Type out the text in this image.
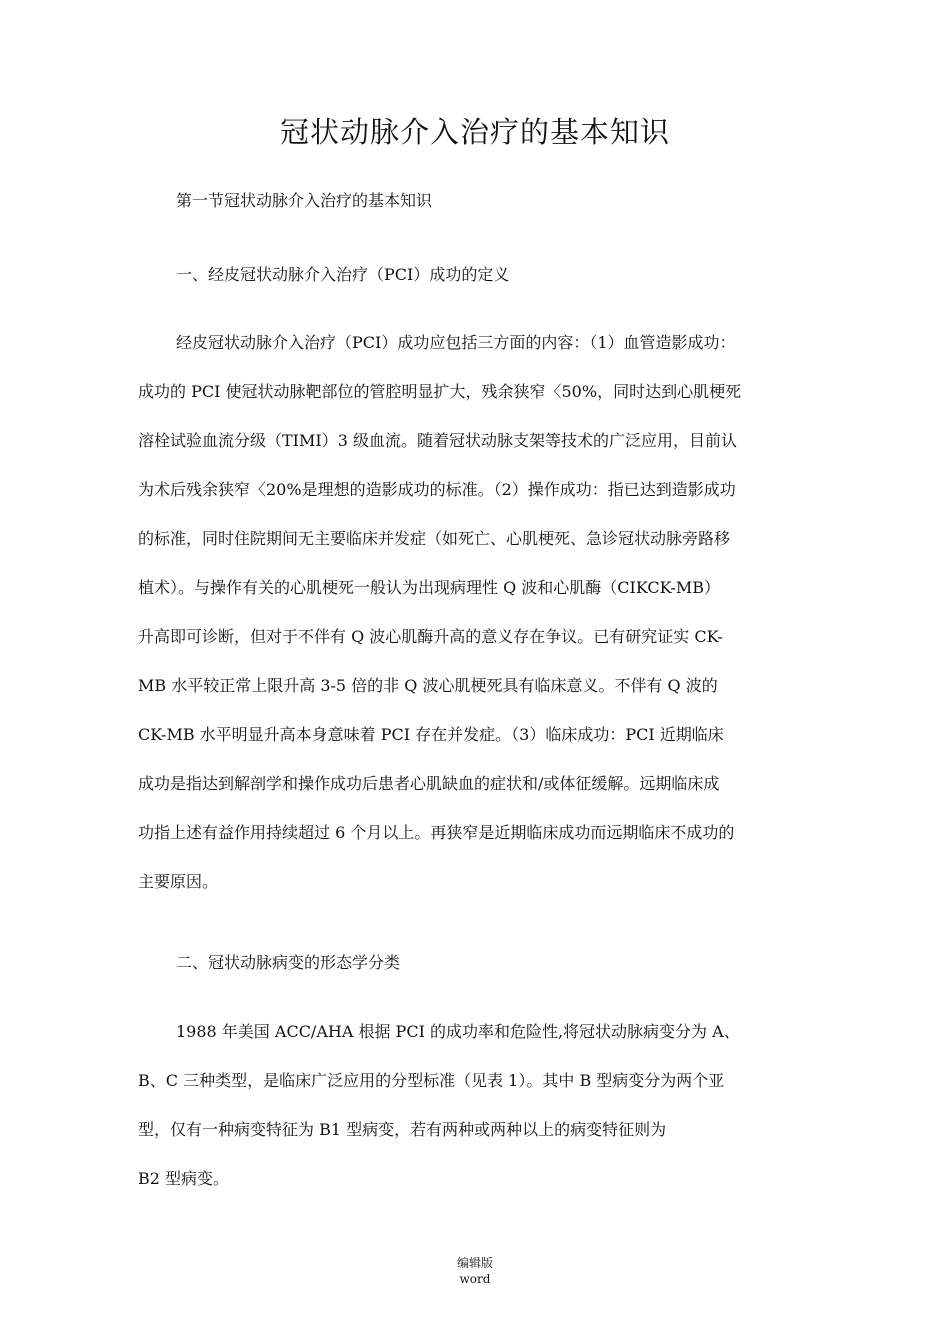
冠状动脉介入治疗的基本知识
第一节冠状动脉介入治疗的基本知识
一、经皮冠状动脉介入治疗（PCI）成功的定义
经皮冠状动脉介入治疗（PCI）成功应包括三方面的内容：（1）血管造影成功：
成功的 PCI 使冠状动脉靶部位的管腔明显扩大，残余狭窄〈50%，同时达到心肌梗死
溶栓试验血流分级（TIMI）3 级血流。随着冠状动脉支架等技术的广泛应用，目前认
为术后残余狭窄〈20%是理想的造影成功的标准。（2）操作成功：指已达到造影成功
的标准，同时住院期间无主要临床并发症（如死亡、心肌梗死、急诊冠状动脉旁路移
植术）。与操作有关的心肌梗死一般认为出现病理性 Q 波和心肌酶（CIKCK-MB）
升高即可诊断，但对于不伴有 Q 波心肌酶升高的意义存在争议。已有研究证实 CK-
MB 水平较正常上限升高 3-5 倍的非 Q 波心肌梗死具有临床意义。不伴有 Q 波的
CK-MB 水平明显升高本身意味着 PCI 存在并发症。（3）临床成功：PCI 近期临床
成功是指达到解剖学和操作成功后患者心肌缺血的症状和/或体征缓解。远期临床成
功指上述有益作用持续超过 6 个月以上。再狭窄是近期临床成功而远期临床不成功的
主要原因。
二、冠状动脉病变的形态学分类
1988 年美国 ACC/AHA 根据 PCI 的成功率和危险性,将冠状动脉病变分为 A、
B、C 三种类型，是临床广泛应用的分型标准（见表 1）。其中 B 型病变分为两个亚
型，仅有一种病变特征为 B1 型病变，若有两种或两种以上的病变特征则为
B2 型病变。
编辑版
word
